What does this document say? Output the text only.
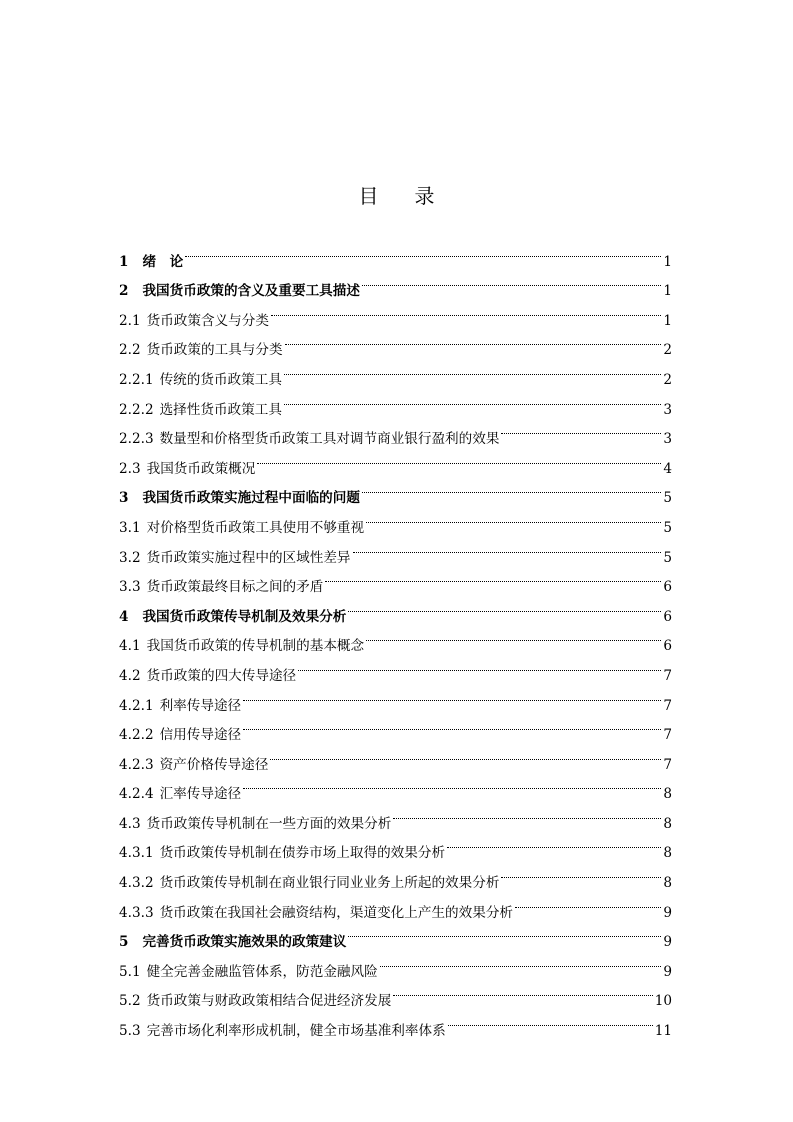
目录
1 绪　论	1
2 我国货币政策的含义及重要工具描述	1
2.1 货币政策含义与分类	1
2.2 货币政策的工具与分类	2
2.2.1 传统的货币政策工具	2
2.2.2 选择性货币政策工具	3
2.2.3 数量型和价格型货币政策工具对调节商业银行盈利的效果	3
2.3 我国货币政策概况	4
3 我国货币政策实施过程中面临的问题	5
3.1 对价格型货币政策工具使用不够重视	5
3.2 货币政策实施过程中的区域性差异	5
3.3 货币政策最终目标之间的矛盾	6
4 我国货币政策传导机制及效果分析	6
4.1 我国货币政策的传导机制的基本概念	6
4.2 货币政策的四大传导途径	7
4.2.1 利率传导途径	7
4.2.2 信用传导途径	7
4.2.3 资产价格传导途径	7
4.2.4 汇率传导途径	8
4.3 货币政策传导机制在一些方面的效果分析	8
4.3.1 货币政策传导机制在债券市场上取得的效果分析	8
4.3.2 货币政策传导机制在商业银行同业业务上所起的效果分析	8
4.3.3 货币政策在我国社会融资结构，渠道变化上产生的效果分析	9
5 完善货币政策实施效果的政策建议	9
5.1 健全完善金融监管体系，防范金融风险	9
5.2 货币政策与财政政策相结合促进经济发展	10
5.3 完善市场化利率形成机制，健全市场基准利率体系	11
